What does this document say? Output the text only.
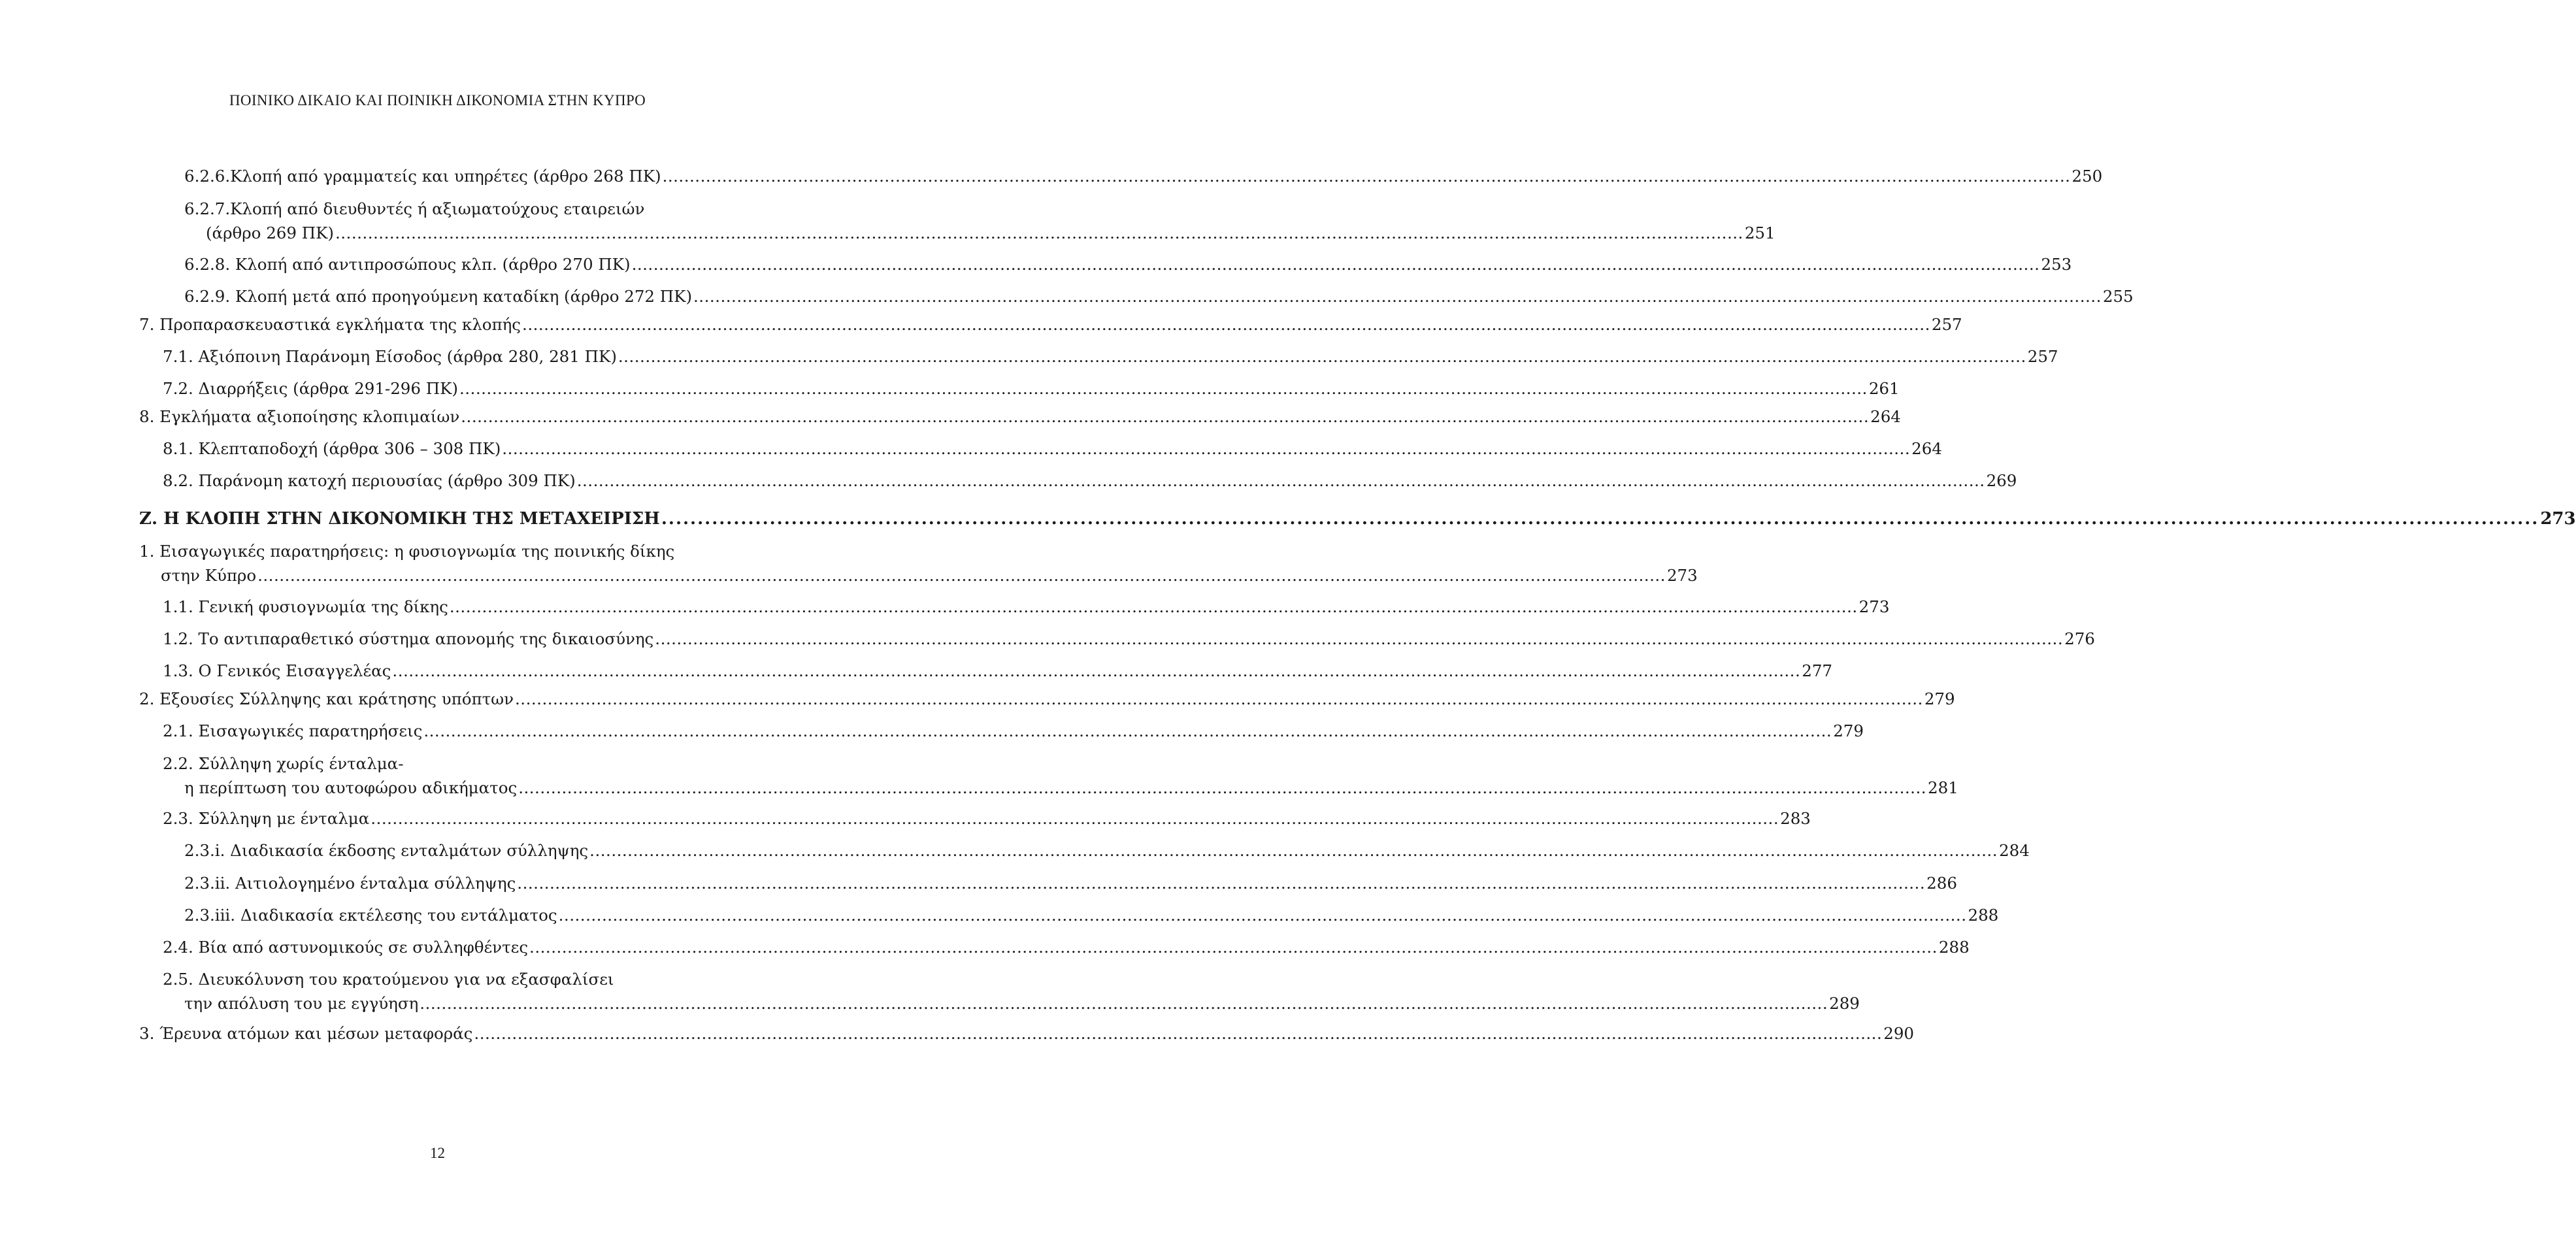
ΠΟΙΝΙΚΟ ΔΙΚΑΙΟ ΚΑΙ ΠΟΙΝΙΚΗ ΔΙΚΟΝΟΜΙΑ ΣΤΗΝ ΚΥΠΡΟ
6.2.6.Κλοπή από γραμματείς και υπηρέτες (άρθρο 268 ΠΚ) .................................................................................................................................................................................................................................................................... 250
6.2.7.Κλοπή από διευθυντές ή αξιωματούχους εταιρειών
(άρθρο 269 ΠΚ) .................................................................................................................................................................................................................................................................... 251
6.2.8. Κλοπή από αντιπροσώπους κλπ. (άρθρο 270 ΠΚ) .................................................................................................................................................................................................................................................................... 253
6.2.9. Κλοπή μετά από προηγούμενη καταδίκη (άρθρο 272 ΠΚ) .................................................................................................................................................................................................................................................................... 255
7. Προπαρασκευαστικά εγκλήματα της κλοπής .................................................................................................................................................................................................................................................................... 257
7.1. Αξιόποινη Παράνομη Είσοδος (άρθρα 280, 281 ΠΚ) .................................................................................................................................................................................................................................................................... 257
7.2. Διαρρήξεις (άρθρα 291-296 ΠΚ) .................................................................................................................................................................................................................................................................... 261
8. Εγκλήματα αξιοποίησης κλοπιμαίων .................................................................................................................................................................................................................................................................... 264
8.1. Κλεπταποδοχή (άρθρα 306 – 308 ΠΚ) .................................................................................................................................................................................................................................................................... 264
8.2. Παράνομη κατοχή περιουσίας (άρθρο 309 ΠΚ) .................................................................................................................................................................................................................................................................... 269
Ζ. Η ΚΛΟΠΗ ΣΤΗΝ ΔΙΚΟΝΟΜΙΚΗ ΤΗΣ ΜΕΤΑΧΕΙΡΙΣΗ .................................................................................................................................................................................................................................................................... 273
1. Εισαγωγικές παρατηρήσεις: η φυσιογνωμία της ποινικής δίκης
στην Κύπρο .................................................................................................................................................................................................................................................................... 273
1.1. Γενική φυσιογνωμία της δίκης .................................................................................................................................................................................................................................................................... 273
1.2. Το αντιπαραθετικό σύστημα απονομής της δικαιοσύνης .................................................................................................................................................................................................................................................................... 276
1.3. Ο Γενικός Εισαγγελέας .................................................................................................................................................................................................................................................................... 277
2. Εξουσίες Σύλληψης και κράτησης υπόπτων .................................................................................................................................................................................................................................................................... 279
2.1. Εισαγωγικές παρατηρήσεις .................................................................................................................................................................................................................................................................... 279
2.2. Σύλληψη χωρίς ένταλμα-
η περίπτωση του αυτοφώρου αδικήματος .................................................................................................................................................................................................................................................................... 281
2.3. Σύλληψη με ένταλμα .................................................................................................................................................................................................................................................................... 283
2.3.i. Διαδικασία έκδοσης ενταλμάτων σύλληψης .................................................................................................................................................................................................................................................................... 284
2.3.ii. Αιτιολογημένο ένταλμα σύλληψης .................................................................................................................................................................................................................................................................... 286
2.3.iii. Διαδικασία εκτέλεσης του εντάλματος .................................................................................................................................................................................................................................................................... 288
2.4. Βία από αστυνομικούς σε συλληφθέντες .................................................................................................................................................................................................................................................................... 288
2.5. Διευκόλυνση του κρατούμενου για να εξασφαλίσει
την απόλυση του με εγγύηση .................................................................................................................................................................................................................................................................... 289
3. Έρευνα ατόμων και μέσων μεταφοράς .................................................................................................................................................................................................................................................................... 290
12
